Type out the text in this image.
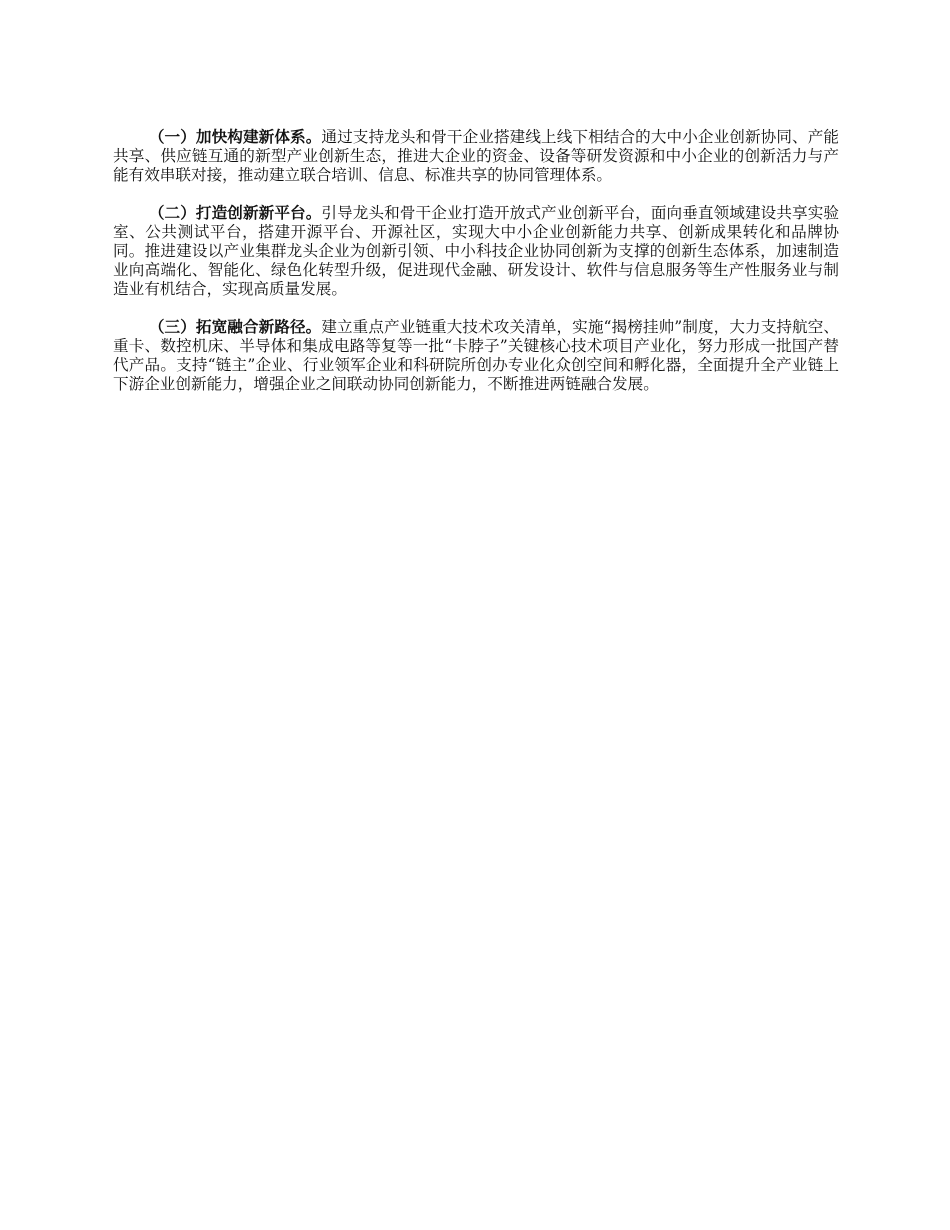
（一）加快构建新体系。通过支持龙头和骨干企业搭建线上线下相结合的大中小企业创新协同、产能共享、供应链互通的新型产业创新生态，推进大企业的资金、设备等研发资源和中小企业的创新活力与产能有效串联对接，推动建立联合培训、信息、标准共享的协同管理体系。

（二）打造创新新平台。引导龙头和骨干企业打造开放式产业创新平台，面向垂直领域建设共享实验室、公共测试平台，搭建开源平台、开源社区，实现大中小企业创新能力共享、创新成果转化和品牌协同。推进建设以产业集群龙头企业为创新引领、中小科技企业协同创新为支撑的创新生态体系，加速制造业向高端化、智能化、绿色化转型升级，促进现代金融、研发设计、软件与信息服务等生产性服务业与制造业有机结合，实现高质量发展。

（三）拓宽融合新路径。建立重点产业链重大技术攻关清单，实施“揭榜挂帅”制度，大力支持航空、重卡、数控机床、半导体和集成电路等复等一批“卡脖子”关键核心技术项目产业化，努力形成一批国产替代产品。支持“链主”企业、行业领军企业和科研院所创办专业化众创空间和孵化器，全面提升全产业链上下游企业创新能力，增强企业之间联动协同创新能力，不断推进两链融合发展。
